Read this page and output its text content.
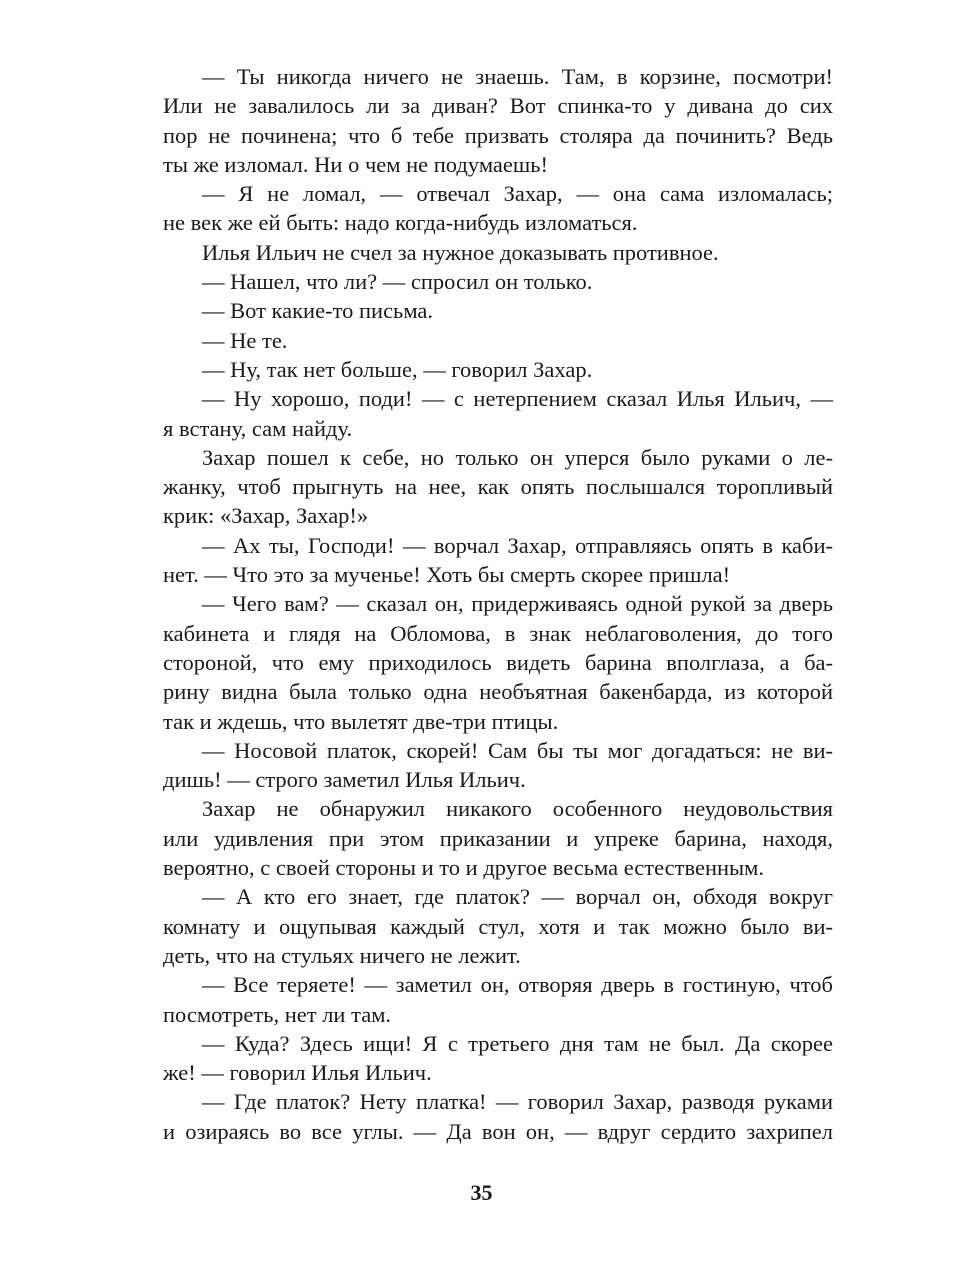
— Ты никогда ничего не знаешь. Там, в корзине, посмотри!
Или не завалилось ли за диван? Вот спинка-то у дивана до сих
пор не починена; что б тебе призвать столяра да починить? Ведь
ты же изломал. Ни о чем не подумаешь!
— Я не ломал, — отвечал Захар, — она сама изломалась;
не век же ей быть: надо когда-нибудь изломаться.
Илья Ильич не счел за нужное доказывать противное.
— Нашел, что ли? — спросил он только.
— Вот какие-то письма.
— Не те.
— Ну, так нет больше, — говорил Захар.
— Ну хорошо, поди! — с нетерпением сказал Илья Ильич, —
я встану, сам найду.
Захар пошел к себе, но только он уперся было руками о ле-
жанку, чтоб прыгнуть на нее, как опять послышался торопливый
крик: «Захар, Захар!»
— Ах ты, Господи! — ворчал Захар, отправляясь опять в каби-
нет. — Что это за мученье! Хоть бы смерть скорее пришла!
— Чего вам? — сказал он, придерживаясь одной рукой за дверь
кабинета и глядя на Обломова, в знак неблаговоления, до того
стороной, что ему приходилось видеть барина вполглаза, а ба-
рину видна была только одна необъятная бакенбарда, из которой
так и ждешь, что вылетят две-три птицы.
— Носовой платок, скорей! Сам бы ты мог догадаться: не ви-
дишь! — строго заметил Илья Ильич.
Захар не обнаружил никакого особенного неудовольствия
или удивления при этом приказании и упреке барина, находя,
вероятно, с своей стороны и то и другое весьма естественным.
— А кто его знает, где платок? — ворчал он, обходя вокруг
комнату и ощупывая каждый стул, хотя и так можно было ви-
деть, что на стульях ничего не лежит.
— Все теряете! — заметил он, отворяя дверь в гостиную, чтоб
посмотреть, нет ли там.
— Куда? Здесь ищи! Я с третьего дня там не был. Да скорее
же! — говорил Илья Ильич.
— Где платок? Нету платка! — говорил Захар, разводя руками
и озираясь во все углы. — Да вон он, — вдруг сердито захрипел
35
